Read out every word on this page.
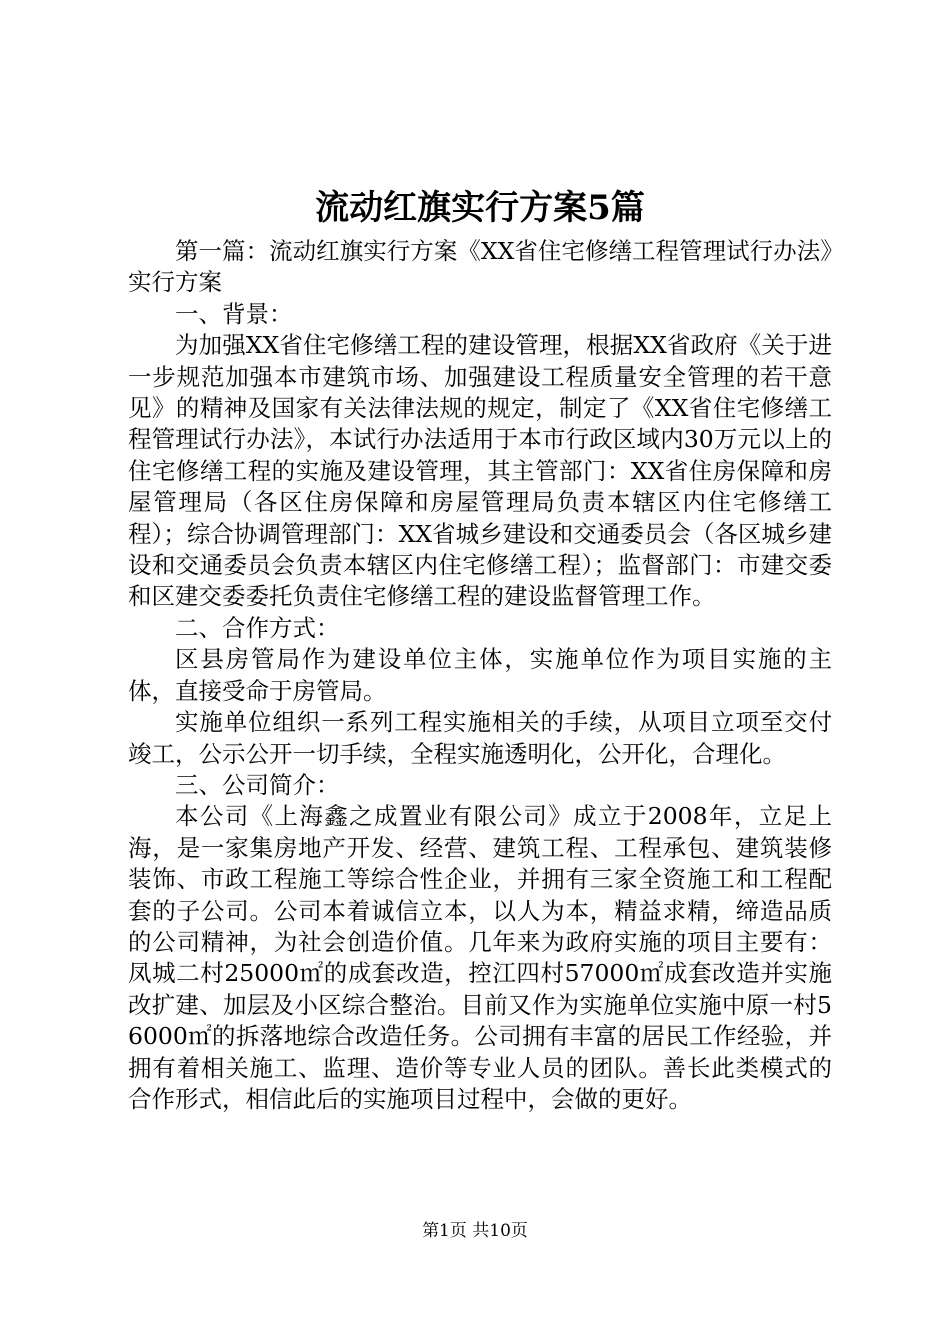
流动红旗实行方案5篇

第一篇：流动红旗实行方案《XX省住宅修缮工程管理试行办法》实行方案

一、背景：

为加强XX省住宅修缮工程的建设管理，根据XX省政府《关于进一步规范加强本市建筑市场、加强建设工程质量安全管理的若干意见》的精神及国家有关法律法规的规定，制定了《XX省住宅修缮工程管理试行办法》，本试行办法适用于本市行政区域内30万元以上的住宅修缮工程的实施及建设管理，其主管部门：XX省住房保障和房屋管理局（各区住房保障和房屋管理局负责本辖区内住宅修缮工程）；综合协调管理部门：XX省城乡建设和交通委员会（各区城乡建设和交通委员会负责本辖区内住宅修缮工程）；监督部门：市建交委和区建交委委托负责住宅修缮工程的建设监督管理工作。

二、合作方式：

区县房管局作为建设单位主体，实施单位作为项目实施的主体，直接受命于房管局。

实施单位组织一系列工程实施相关的手续，从项目立项至交付竣工，公示公开一切手续，全程实施透明化，公开化，合理化。

三、公司简介：

本公司《上海鑫之成置业有限公司》成立于2008年，立足上海，是一家集房地产开发、经营、建筑工程、工程承包、建筑装修装饰、市政工程施工等综合性企业，并拥有三家全资施工和工程配套的子公司。公司本着诚信立本，以人为本，精益求精，缔造品质的公司精神，为社会创造价值。几年来为政府实施的项目主要有：凤城二村25000㎡的成套改造，控江四村57000㎡成套改造并实施改扩建、加层及小区综合整治。目前又作为实施单位实施中原一村56000㎡的拆落地综合改造任务。公司拥有丰富的居民工作经验，并拥有着相关施工、监理、造价等专业人员的团队。善长此类模式的合作形式，相信此后的实施项目过程中，会做的更好。

第1页 共10页
